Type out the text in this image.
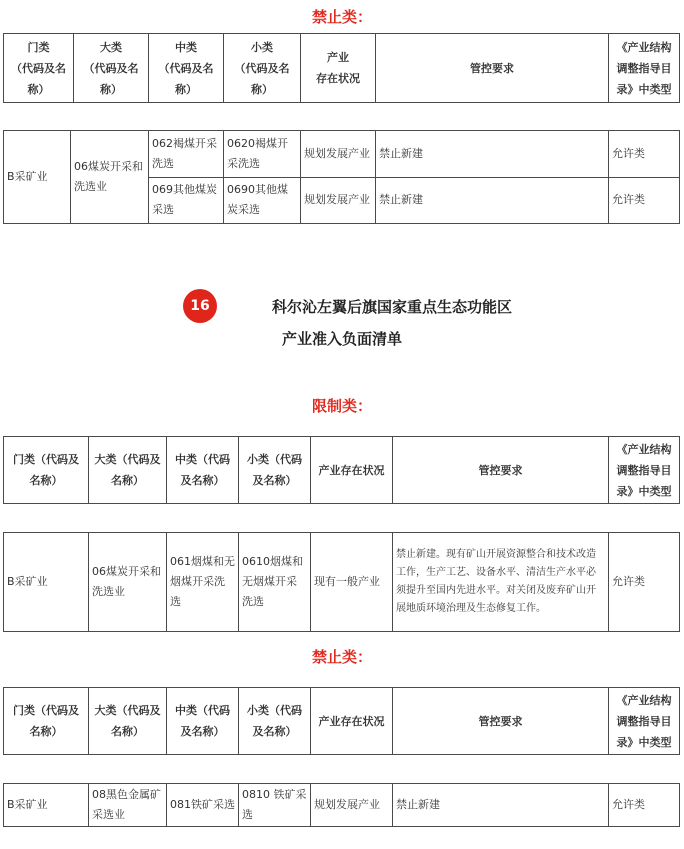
禁止类：
门类
（代码及名
称）	大类
（代码及名
称）	中类
（代码及名
称）	小类
（代码及名
称）	产业
存在状况	管控要求	《产业结构
调整指导目
录》中类型
B采矿业	06煤炭开采和洗选业	062褐煤开采洗选	0620褐煤开采洗选	规划发展产业	禁止新建	允许类
		069其他煤炭采选	0690其他煤炭采选	规划发展产业	禁止新建	允许类
16	科尔沁左翼后旗国家重点生态功能区
产业准入负面清单
限制类：
门类（代码及
名称）	大类（代码及
名称）	中类（代码
及名称）	小类（代码
及名称）	产业存在状况	管控要求	《产业结构
调整指导目
录》中类型
B采矿业	06煤炭开采和洗选业	061烟煤和无烟煤开采洗选	0610烟煤和无烟煤开采洗选	现有一般产业	禁止新建。现有矿山开展资源整合和技术改造工作，生产工艺、设备水平、清洁生产水平必须提升至国内先进水平。对关闭及废弃矿山开展地质环境治理及生态修复工作。	允许类
禁止类：
门类（代码及
名称）	大类（代码及
名称）	中类（代码
及名称）	小类（代码
及名称）	产业存在状况	管控要求	《产业结构
调整指导目
录》中类型
B采矿业	08黑色金属矿采选业	081铁矿采选	0810 铁矿采选	规划发展产业	禁止新建	允许类
